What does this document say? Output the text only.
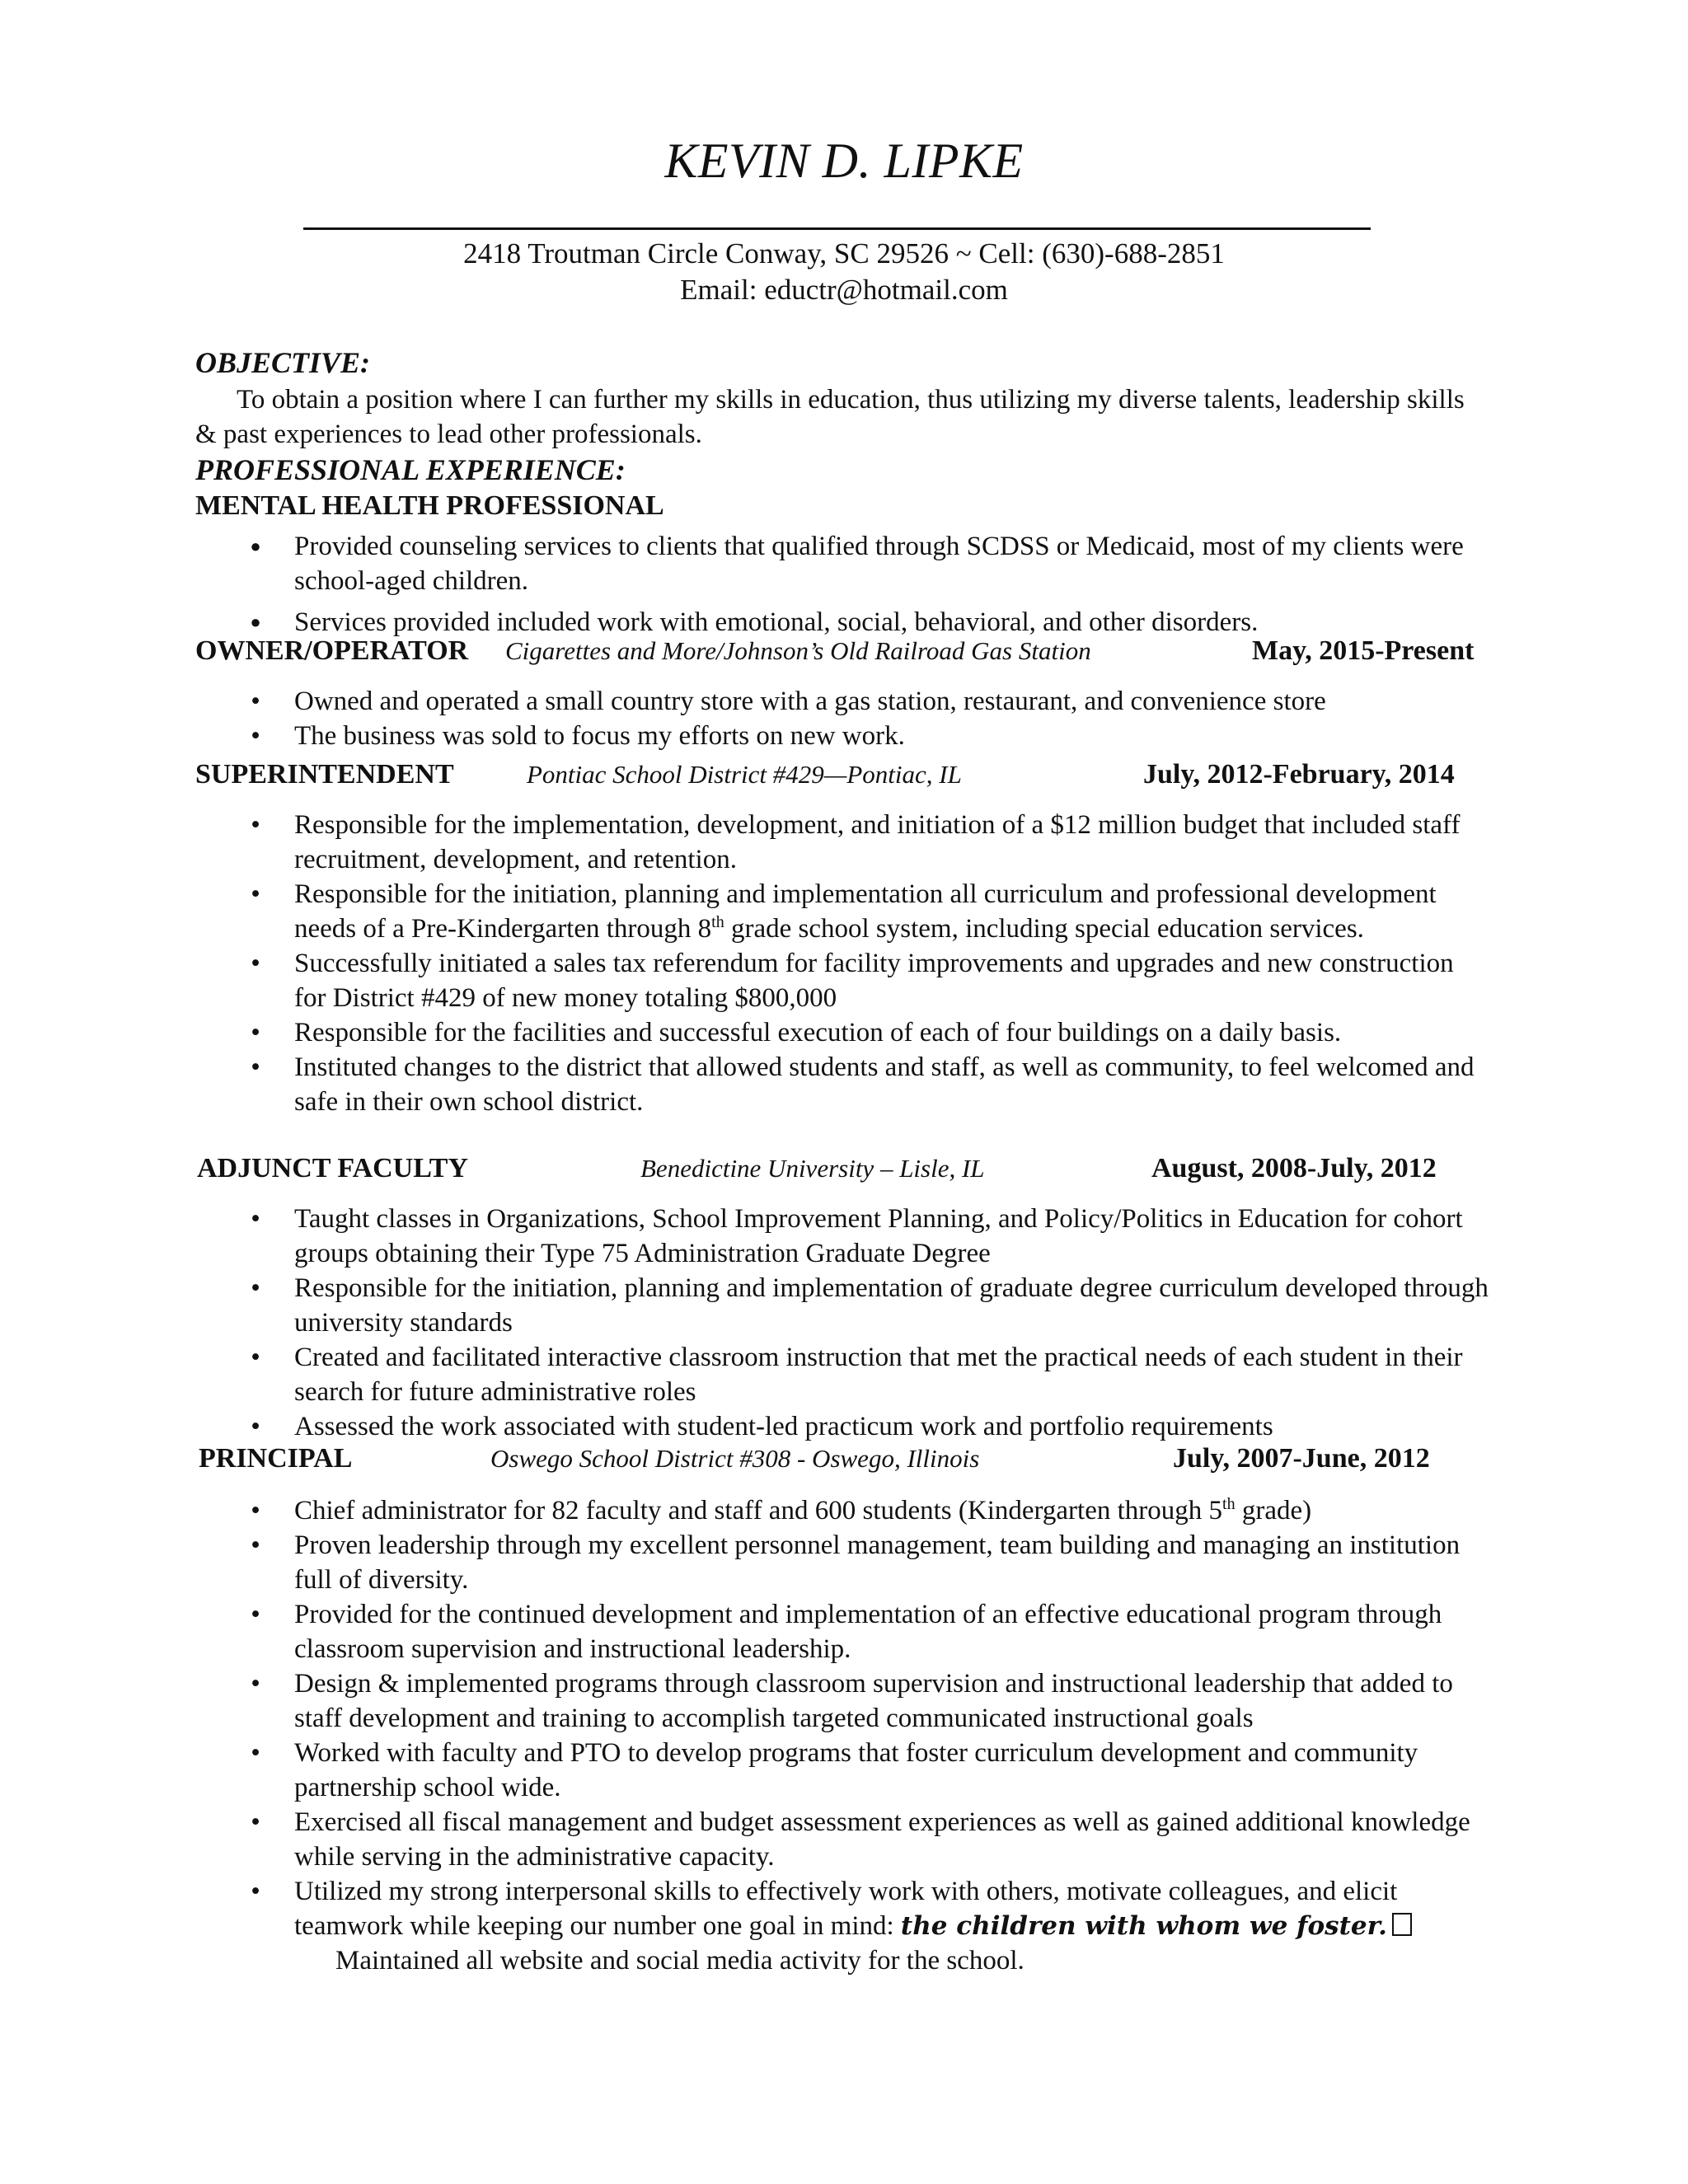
KEVIN D. LIPKE
2418 Troutman Circle Conway, SC 29526 ~ Cell: (630)-688-2851
Email: eductr@hotmail.com
OBJECTIVE:
To obtain a position where I can further my skills in education, thus utilizing my diverse talents, leadership skills & past experiences to lead other professionals.
PROFESSIONAL EXPERIENCE:
MENTAL HEALTH PROFESSIONAL
● Provided counseling services to clients that qualified through SCDSS or Medicaid, most of my clients were school-aged children.
● Services provided included work with emotional, social, behavioral, and other disorders.
OWNER/OPERATOR Cigarettes and More/Johnson’s Old Railroad Gas Station	May, 2015-Present
• Owned and operated a small country store with a gas station, restaurant, and convenience store
• The business was sold to focus my efforts on new work.
SUPERINTENDENT	Pontiac School District #429—Pontiac, IL	July, 2012-February, 2014
• Responsible for the implementation, development, and initiation of a $12 million budget that included staff recruitment, development, and retention.
• Responsible for the initiation, planning and implementation all curriculum and professional development needs of a Pre-Kindergarten through 8th grade school system, including special education services.
• Successfully initiated a sales tax referendum for facility improvements and upgrades and new construction for District #429 of new money totaling $800,000
• Responsible for the facilities and successful execution of each of four buildings on a daily basis.
• Instituted changes to the district that allowed students and staff, as well as community, to feel welcomed and safe in their own school district.
ADJUNCT FACULTY	Benedictine University – Lisle, IL	August, 2008-July, 2012
• Taught classes in Organizations, School Improvement Planning, and Policy/Politics in Education for cohort groups obtaining their Type 75 Administration Graduate Degree
• Responsible for the initiation, planning and implementation of graduate degree curriculum developed through university standards
• Created and facilitated interactive classroom instruction that met the practical needs of each student in their search for future administrative roles
• Assessed the work associated with student-led practicum work and portfolio requirements
PRINCIPAL	Oswego School District #308 - Oswego, Illinois	July, 2007-June, 2012
• Chief administrator for 82 faculty and staff and 600 students (Kindergarten through 5th grade)
• Proven leadership through my excellent personnel management, team building and managing an institution full of diversity.
• Provided for the continued development and implementation of an effective educational program through classroom supervision and instructional leadership.
• Design & implemented programs through classroom supervision and instructional leadership that added to staff development and training to accomplish targeted communicated instructional goals
• Worked with faculty and PTO to develop programs that foster curriculum development and community partnership school wide.
• Exercised all fiscal management and budget assessment experiences as well as gained additional knowledge while serving in the administrative capacity.
• Utilized my strong interpersonal skills to effectively work with others, motivate colleagues, and elicit teamwork while keeping our number one goal in mind: the children with whom we foster.
Maintained all website and social media activity for the school.
